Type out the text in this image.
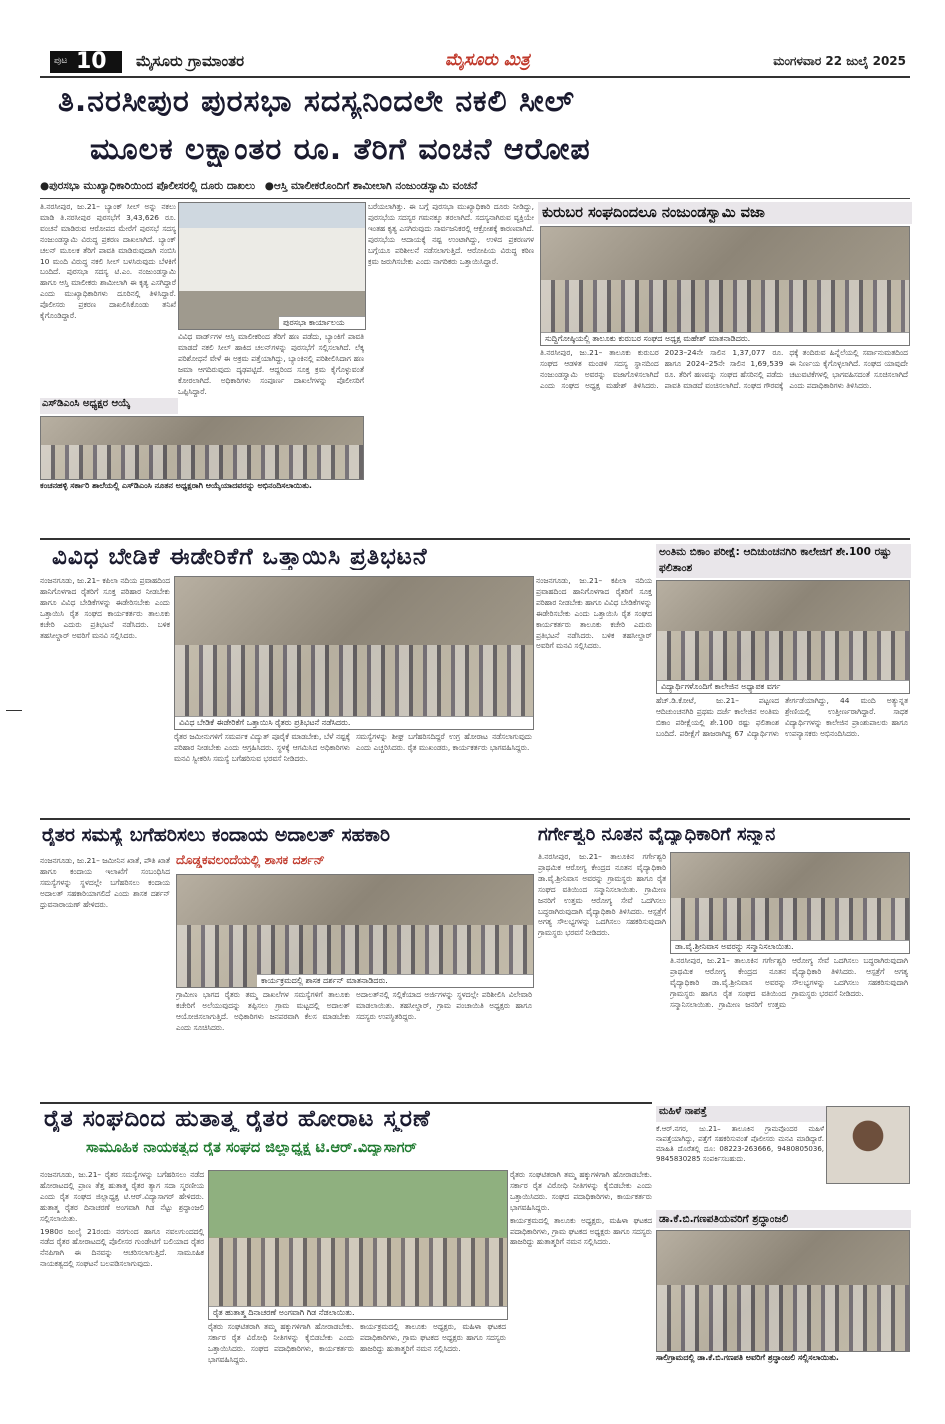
ಪುಟ 10 ಮೈಸೂರು ಗ್ರಾಮಾಂತರ	ಮೈಸೂರು ಮಿತ್ರ	ಮಂಗಳವಾರ 22 ಜುಲೈ 2025
ತಿ.ನರಸೀಪುರ ಪುರಸಭಾ ಸದಸ್ಯನಿಂದಲೇ ನಕಲಿ ಸೀಲ್
ಮೂಲಕ ಲಕ್ಷಾಂತರ ರೂ. ತೆರಿಗೆ ವಂಚನೆ ಆರೋಪ
●ಪುರಸಭಾ ಮುಖ್ಯಾಧಿಕಾರಿಯಿಂದ ಪೊಲೀಸರಲ್ಲಿ ದೂರು ದಾಖಲು ●ಆಸ್ತಿ ಮಾಲೀಕರೊಂದಿಗೆ ಶಾಮೀಲಾಗಿ ನಂಜುಂಡಸ್ವಾಮಿ ವಂಚನೆ

ತಿ.ನರಸೀಪುರ, ಜು.21– ಬ್ಯಾಂಕ್ ಸೀಲ್ ಅನ್ನು ನಕಲು ಮಾಡಿ ತಿ.ನರಸೀಪುರ ಪುರಸಭೆಗೆ 3,43,626 ರೂ. ವಂಚನೆ ಮಾಡಿರುವ ಆರೋಪದ ಮೇರೆಗೆ ಪುರಸಭೆ ಸದಸ್ಯ ನಂಜುಂಡಸ್ವಾಮಿ ವಿರುದ್ಧ ಪ್ರಕರಣ ದಾಖಲಾಗಿದೆ. ಬ್ಯಾಂಕ್ ಚಲನ್ ಮೂಲಕ ತೆರಿಗೆ ಪಾವತಿ ಮಾಡಿರುವುದಾಗಿ ನಂಬಿಸಿ 10 ಮಂದಿ ವಿರುದ್ಧ ನಕಲಿ ಸೀಲ್ ಬಳಸಿರುವುದು ಬೆಳಕಿಗೆ ಬಂದಿದೆ. ಪುರಸಭಾ ಸದಸ್ಯ ಟಿ.ಎಂ. ನಂಜುಂಡಸ್ವಾಮಿ ಹಾಗೂ ಆಸ್ತಿ ಮಾಲೀಕರು ಶಾಮೀಲಾಗಿ ಈ ಕೃತ್ಯ ಎಸಗಿದ್ದಾರೆ ಎಂದು ಮುಖ್ಯಾಧಿಕಾರಿಗಳು ದೂರಿನಲ್ಲಿ ತಿಳಿಸಿದ್ದಾರೆ. ಪೊಲೀಸರು ಪ್ರಕರಣ ದಾಖಲಿಸಿಕೊಂಡು ತನಿಖೆ ಕೈಗೊಂಡಿದ್ದಾರೆ.

ಪುರಸಭಾ ಕಾರ್ಯಾಲಯ

ವಿವಿಧ ವಾರ್ಡ್‌ಗಳ ಆಸ್ತಿ ಮಾಲೀಕರಿಂದ ತೆರಿಗೆ ಹಣ ಪಡೆದು, ಬ್ಯಾಂಕಿಗೆ ಪಾವತಿ ಮಾಡದೆ ನಕಲಿ ಸೀಲ್ ಹಾಕಿದ ಚಲನ್‌ಗಳನ್ನು ಪುರಸಭೆಗೆ ಸಲ್ಲಿಸಲಾಗಿದೆ. ಲೆಕ್ಕ ಪರಿಶೋಧನೆ ವೇಳೆ ಈ ಅಕ್ರಮ ಪತ್ತೆಯಾಗಿದ್ದು, ಬ್ಯಾಂಕಿನಲ್ಲಿ ಪರಿಶೀಲಿಸಿದಾಗ ಹಣ ಜಮಾ ಆಗದಿರುವುದು ದೃಢಪಟ್ಟಿದೆ. ಆದ್ದರಿಂದ ಸೂಕ್ತ ಕ್ರಮ ಕೈಗೊಳ್ಳುವಂತೆ ಕೋರಲಾಗಿದೆ. ಅಧಿಕಾರಿಗಳು ಸಂಪೂರ್ಣ ದಾಖಲೆಗಳನ್ನು ಪೊಲೀಸರಿಗೆ ಒಪ್ಪಿಸಿದ್ದಾರೆ.

ಬರೆಯಲಾಗಿತ್ತು. ಈ ಬಗ್ಗೆ ಪುರಸಭಾ ಮುಖ್ಯಾಧಿಕಾರಿ ದೂರು ನೀಡಿದ್ದು, ಪುರಸಭೆಯ ಸದಸ್ಯರ ಗಮನಕ್ಕೂ ತರಲಾಗಿದೆ. ಸದಸ್ಯನಾಗಿರುವ ವ್ಯಕ್ತಿಯೇ ಇಂತಹ ಕೃತ್ಯ ಎಸಗಿರುವುದು ಸಾರ್ವಜನಿಕರಲ್ಲಿ ಆಕ್ರೋಶಕ್ಕೆ ಕಾರಣವಾಗಿದೆ. ಪುರಸಭೆಯ ಆದಾಯಕ್ಕೆ ನಷ್ಟ ಉಂಟಾಗಿದ್ದು, ಉಳಿದ ಪ್ರಕರಣಗಳ ಬಗ್ಗೆಯೂ ಪರಿಶೀಲನೆ ನಡೆಸಲಾಗುತ್ತಿದೆ. ಆರೋಪಿಯ ವಿರುದ್ಧ ಕಠಿಣ ಕ್ರಮ ಜರುಗಿಸಬೇಕು ಎಂದು ನಾಗರಿಕರು ಒತ್ತಾಯಿಸಿದ್ದಾರೆ.

ಎಸ್‌ಡಿಎಂಸಿ ಅಧ್ಯಕ್ಷರ ಆಯ್ಕೆ
ಕಂಚನಹಳ್ಳಿ ಸರ್ಕಾರಿ ಶಾಲೆಯಲ್ಲಿ ಎಸ್‌ಡಿಎಂಸಿ ನೂತನ ಅಧ್ಯಕ್ಷರಾಗಿ ಆಯ್ಕೆಯಾದವರನ್ನು ಅಭಿನಂದಿಸಲಾಯಿತು.
ಕುರುಬರ ಸಂಘದಿಂದಲೂ ನಂಜುಂಡಸ್ವಾಮಿ ವಜಾ
ಸುದ್ದಿಗೋಷ್ಠಿಯಲ್ಲಿ ತಾಲೂಕು ಕುರುಬರ ಸಂಘದ ಅಧ್ಯಕ್ಷ ಮಹೇಶ್ ಮಾತನಾಡಿದರು.

ತಿ.ನರಸೀಪುರ, ಜು.21– ತಾಲೂಕು ಕುರುಬರ ಸಂಘದ ಆಡಳಿತ ಮಂಡಳಿ ಸದಸ್ಯ ಸ್ಥಾನದಿಂದ ನಂಜುಂಡಸ್ವಾಮಿ ಅವರನ್ನು ವಜಾಗೊಳಿಸಲಾಗಿದೆ ಎಂದು ಸಂಘದ ಅಧ್ಯಕ್ಷ ಮಹೇಶ್ ತಿಳಿಸಿದರು. 2023–24ನೇ ಸಾಲಿನ 1,37,077 ರೂ. ಹಾಗೂ 2024–25ನೇ ಸಾಲಿನ 1,69,539 ರೂ. ತೆರಿಗೆ ಹಣವನ್ನು ಸಂಘದ ಹೆಸರಿನಲ್ಲಿ ಪಡೆದು ಪಾವತಿ ಮಾಡದೆ ವಂಚಿಸಲಾಗಿದೆ. ಸಂಘದ ಗೌರವಕ್ಕೆ ಧಕ್ಕೆ ತಂದಿರುವ ಹಿನ್ನೆಲೆಯಲ್ಲಿ ಸರ್ವಾನುಮತದಿಂದ ಈ ನಿರ್ಣಯ ಕೈಗೊಳ್ಳಲಾಗಿದೆ. ಸಂಘದ ಯಾವುದೇ ಚಟುವಟಿಕೆಗಳಲ್ಲಿ ಭಾಗವಹಿಸದಂತೆ ಸೂಚಿಸಲಾಗಿದೆ ಎಂದು ಪದಾಧಿಕಾರಿಗಳು ತಿಳಿಸಿದರು.

ವಿವಿಧ ಬೇಡಿಕೆ ಈಡೇರಿಕೆಗೆ ಒತ್ತಾಯಿಸಿ ಪ್ರತಿಭಟನೆ

ನಂಜನಗೂಡು, ಜು.21– ಕಪಿಲಾ ನದಿಯ ಪ್ರವಾಹದಿಂದ ಹಾನಿಗೊಳಗಾದ ರೈತರಿಗೆ ಸೂಕ್ತ ಪರಿಹಾರ ನೀಡಬೇಕು ಹಾಗೂ ವಿವಿಧ ಬೇಡಿಕೆಗಳನ್ನು ಈಡೇರಿಸಬೇಕು ಎಂದು ಒತ್ತಾಯಿಸಿ ರೈತ ಸಂಘದ ಕಾರ್ಯಕರ್ತರು ತಾಲೂಕು ಕಚೇರಿ ಎದುರು ಪ್ರತಿಭಟನೆ ನಡೆಸಿದರು. ಬಳಿಕ ತಹಸೀಲ್ದಾರ್ ಅವರಿಗೆ ಮನವಿ ಸಲ್ಲಿಸಿದರು.

ವಿವಿಧ ಬೇಡಿಕೆ ಈಡೇರಿಕೆಗೆ ಒತ್ತಾಯಿಸಿ ರೈತರು ಪ್ರತಿಭಟನೆ ನಡೆಸಿದರು.

ರೈತರ ಜಮೀನುಗಳಿಗೆ ಸಮರ್ಪಕ ವಿದ್ಯುತ್ ಪೂರೈಕೆ ಮಾಡಬೇಕು, ಬೆಳೆ ನಷ್ಟಕ್ಕೆ ಪರಿಹಾರ ನೀಡಬೇಕು ಎಂದು ಆಗ್ರಹಿಸಿದರು. ಸ್ಥಳಕ್ಕೆ ಆಗಮಿಸಿದ ಅಧಿಕಾರಿಗಳು ಮನವಿ ಸ್ವೀಕರಿಸಿ ಸಮಸ್ಯೆ ಬಗೆಹರಿಸುವ ಭರವಸೆ ನೀಡಿದರು.

ಸಮಸ್ಯೆಗಳನ್ನು ಶೀಘ್ರ ಬಗೆಹರಿಸದಿದ್ದರೆ ಉಗ್ರ ಹೋರಾಟ ನಡೆಸಲಾಗುವುದು ಎಂದು ಎಚ್ಚರಿಸಿದರು. ರೈತ ಮುಖಂಡರು, ಕಾರ್ಯಕರ್ತರು ಭಾಗವಹಿಸಿದ್ದರು.

ನಂಜನಗೂಡು, ಜು.21– ಕಪಿಲಾ ನದಿಯ ಪ್ರವಾಹದಿಂದ ಹಾನಿಗೊಳಗಾದ ರೈತರಿಗೆ ಸೂಕ್ತ ಪರಿಹಾರ ನೀಡಬೇಕು ಹಾಗೂ ವಿವಿಧ ಬೇಡಿಕೆಗಳನ್ನು ಈಡೇರಿಸಬೇಕು ಎಂದು ಒತ್ತಾಯಿಸಿ ರೈತ ಸಂಘದ ಕಾರ್ಯಕರ್ತರು ತಾಲೂಕು ಕಚೇರಿ ಎದುರು ಪ್ರತಿಭಟನೆ ನಡೆಸಿದರು. ಬಳಿಕ ತಹಸೀಲ್ದಾರ್ ಅವರಿಗೆ ಮನವಿ ಸಲ್ಲಿಸಿದರು.

ಅಂತಿಮ ಬಿಕಾಂ ಪರೀಕ್ಷೆ: ಆದಿಚುಂಚನಗಿರಿ ಕಾಲೇಜಿಗೆ ಶೇ.100 ರಷ್ಟು ಫಲಿತಾಂಶ
ವಿದ್ಯಾರ್ಥಿಗಳೊಂದಿಗೆ ಕಾಲೇಜಿನ ಅಧ್ಯಾಪಕ ವರ್ಗ

ಹೆಚ್.ಡಿ.ಕೋಟೆ, ಜು.21– ಪಟ್ಟಣದ ಆದಿಚುಂಚನಗಿರಿ ಪ್ರಥಮ ದರ್ಜೆ ಕಾಲೇಜಿನ ಅಂತಿಮ ಬಿಕಾಂ ಪರೀಕ್ಷೆಯಲ್ಲಿ ಶೇ.100 ರಷ್ಟು ಫಲಿತಾಂಶ ಬಂದಿದೆ. ಪರೀಕ್ಷೆಗೆ ಹಾಜರಾಗಿದ್ದ 67 ವಿದ್ಯಾರ್ಥಿಗಳು ತೇರ್ಗಡೆಯಾಗಿದ್ದು, 44 ಮಂದಿ ಅತ್ಯುನ್ನತ ಶ್ರೇಣಿಯಲ್ಲಿ ಉತ್ತೀರ್ಣರಾಗಿದ್ದಾರೆ. ಸಾಧಕ ವಿದ್ಯಾರ್ಥಿಗಳನ್ನು ಕಾಲೇಜಿನ ಪ್ರಾಂಶುಪಾಲರು ಹಾಗೂ ಉಪನ್ಯಾಸಕರು ಅಭಿನಂದಿಸಿದರು.

ರೈತರ ಸಮಸ್ಯೆ ಬಗೆಹರಿಸಲು ಕಂದಾಯ ಅದಾಲತ್ ಸಹಕಾರಿ
ದೊಡ್ಡಕವಲಂದೆಯಲ್ಲಿ ಶಾಸಕ ದರ್ಶನ್

ನಂಜನಗೂಡು, ಜು.21– ಜಮೀನಿನ ಖಾತೆ, ಪೌತಿ ಖಾತೆ ಹಾಗೂ ಕಂದಾಯ ಇಲಾಖೆಗೆ ಸಂಬಂಧಿಸಿದ ಸಮಸ್ಯೆಗಳನ್ನು ಸ್ಥಳದಲ್ಲೇ ಬಗೆಹರಿಸಲು ಕಂದಾಯ ಅದಾಲತ್ ಸಹಕಾರಿಯಾಗಲಿದೆ ಎಂದು ಶಾಸಕ ದರ್ಶನ್ ಧ್ರುವನಾರಾಯಣ್ ಹೇಳಿದರು.

ಕಾರ್ಯಕ್ರಮದಲ್ಲಿ ಶಾಸಕ ದರ್ಶನ್ ಮಾತನಾಡಿದರು.

ಗ್ರಾಮೀಣ ಭಾಗದ ರೈತರು ತಮ್ಮ ದಾಖಲೆಗಳ ಸಮಸ್ಯೆಗಳಿಗೆ ತಾಲೂಕು ಕಚೇರಿಗೆ ಅಲೆಯುವುದನ್ನು ತಪ್ಪಿಸಲು ಗ್ರಾಮ ಮಟ್ಟದಲ್ಲಿ ಅದಾಲತ್ ಆಯೋಜಿಸಲಾಗುತ್ತಿದೆ. ಅಧಿಕಾರಿಗಳು ಜನಪರವಾಗಿ ಕೆಲಸ ಮಾಡಬೇಕು ಎಂದು ಸೂಚಿಸಿದರು.

ಅದಾಲತ್‌ನಲ್ಲಿ ಸಲ್ಲಿಕೆಯಾದ ಅರ್ಜಿಗಳನ್ನು ಸ್ಥಳದಲ್ಲೇ ಪರಿಶೀಲಿಸಿ ವಿಲೇವಾರಿ ಮಾಡಲಾಯಿತು. ತಹಸೀಲ್ದಾರ್, ಗ್ರಾಮ ಪಂಚಾಯಿತಿ ಅಧ್ಯಕ್ಷರು ಹಾಗೂ ಸದಸ್ಯರು ಉಪಸ್ಥಿತರಿದ್ದರು.

ಗರ್ಗೇಶ್ವರಿ ನೂತನ ವೈದ್ಯಾಧಿಕಾರಿಗೆ ಸನ್ಮಾನ

ತಿ.ನರಸೀಪುರ, ಜು.21– ತಾಲೂಕಿನ ಗರ್ಗೇಶ್ವರಿ ಪ್ರಾಥಮಿಕ ಆರೋಗ್ಯ ಕೇಂದ್ರದ ನೂತನ ವೈದ್ಯಾಧಿಕಾರಿ ಡಾ.ವೈ.ಶ್ರೀನಿವಾಸ ಅವರನ್ನು ಗ್ರಾಮಸ್ಥರು ಹಾಗೂ ರೈತ ಸಂಘದ ವತಿಯಿಂದ ಸನ್ಮಾನಿಸಲಾಯಿತು. ಗ್ರಾಮೀಣ ಜನರಿಗೆ ಉತ್ತಮ ಆರೋಗ್ಯ ಸೇವೆ ಒದಗಿಸಲು ಬದ್ಧರಾಗಿರುವುದಾಗಿ ವೈದ್ಯಾಧಿಕಾರಿ ತಿಳಿಸಿದರು. ಆಸ್ಪತ್ರೆಗೆ ಅಗತ್ಯ ಸೌಲಭ್ಯಗಳನ್ನು ಒದಗಿಸಲು ಸಹಕರಿಸುವುದಾಗಿ ಗ್ರಾಮಸ್ಥರು ಭರವಸೆ ನೀಡಿದರು.

ಡಾ.ವೈ.ಶ್ರೀನಿವಾಸ ಅವರನ್ನು ಸನ್ಮಾನಿಸಲಾಯಿತು.

ತಿ.ನರಸೀಪುರ, ಜು.21– ತಾಲೂಕಿನ ಗರ್ಗೇಶ್ವರಿ ಪ್ರಾಥಮಿಕ ಆರೋಗ್ಯ ಕೇಂದ್ರದ ನೂತನ ವೈದ್ಯಾಧಿಕಾರಿ ಡಾ.ವೈ.ಶ್ರೀನಿವಾಸ ಅವರನ್ನು ಗ್ರಾಮಸ್ಥರು ಹಾಗೂ ರೈತ ಸಂಘದ ವತಿಯಿಂದ ಸನ್ಮಾನಿಸಲಾಯಿತು. ಗ್ರಾಮೀಣ ಜನರಿಗೆ ಉತ್ತಮ ಆರೋಗ್ಯ ಸೇವೆ ಒದಗಿಸಲು ಬದ್ಧರಾಗಿರುವುದಾಗಿ ವೈದ್ಯಾಧಿಕಾರಿ ತಿಳಿಸಿದರು. ಆಸ್ಪತ್ರೆಗೆ ಅಗತ್ಯ ಸೌಲಭ್ಯಗಳನ್ನು ಒದಗಿಸಲು ಸಹಕರಿಸುವುದಾಗಿ ಗ್ರಾಮಸ್ಥರು ಭರವಸೆ ನೀಡಿದರು.

ರೈತ ಸಂಘದಿಂದ ಹುತಾತ್ಮ ರೈತರ ಹೋರಾಟ ಸ್ಮರಣೆ
ಸಾಮೂಹಿಕ ನಾಯಕತ್ವದ ರೈತ ಸಂಘದ ಜಿಲ್ಲಾಧ್ಯಕ್ಷ ಟಿ.ಆರ್.ವಿದ್ಯಾಸಾಗರ್

ನಂಜನಗೂಡು, ಜು.21– ರೈತರ ಸಮಸ್ಯೆಗಳನ್ನು ಬಗೆಹರಿಸಲು ನಡೆದ ಹೋರಾಟದಲ್ಲಿ ಪ್ರಾಣ ತೆತ್ತ ಹುತಾತ್ಮ ರೈತರ ತ್ಯಾಗ ಸದಾ ಸ್ಮರಣೀಯ ಎಂದು ರೈತ ಸಂಘದ ಜಿಲ್ಲಾಧ್ಯಕ್ಷ ಟಿ.ಆರ್.ವಿದ್ಯಾಸಾಗರ್ ಹೇಳಿದರು. ಹುತಾತ್ಮ ರೈತರ ದಿನಾಚರಣೆ ಅಂಗವಾಗಿ ಗಿಡ ನೆಟ್ಟು ಶ್ರದ್ಧಾಂಜಲಿ ಸಲ್ಲಿಸಲಾಯಿತು.

1980ರ ಜುಲೈ 21ರಂದು ನರಗುಂದ ಹಾಗೂ ನವಲಗುಂದದಲ್ಲಿ ನಡೆದ ರೈತರ ಹೋರಾಟದಲ್ಲಿ ಪೊಲೀಸರ ಗುಂಡೇಟಿಗೆ ಬಲಿಯಾದ ರೈತರ ನೆನಪಿಗಾಗಿ ಈ ದಿನವನ್ನು ಆಚರಿಸಲಾಗುತ್ತಿದೆ. ಸಾಮೂಹಿಕ ನಾಯಕತ್ವದಲ್ಲಿ ಸಂಘಟನೆ ಬಲಪಡಿಸಲಾಗುವುದು.

ರೈತ ಹುತಾತ್ಮ ದಿನಾಚರಣೆ ಅಂಗವಾಗಿ ಗಿಡ ನೆಡಲಾಯಿತು.

ರೈತರು ಸಂಘಟಿತರಾಗಿ ತಮ್ಮ ಹಕ್ಕುಗಳಿಗಾಗಿ ಹೋರಾಡಬೇಕು. ಸರ್ಕಾರ ರೈತ ವಿರೋಧಿ ನೀತಿಗಳನ್ನು ಕೈಬಿಡಬೇಕು ಎಂದು ಒತ್ತಾಯಿಸಿದರು. ಸಂಘದ ಪದಾಧಿಕಾರಿಗಳು, ಕಾರ್ಯಕರ್ತರು ಭಾಗವಹಿಸಿದ್ದರು.

ಕಾರ್ಯಕ್ರಮದಲ್ಲಿ ತಾಲೂಕು ಅಧ್ಯಕ್ಷರು, ಮಹಿಳಾ ಘಟಕದ ಪದಾಧಿಕಾರಿಗಳು, ಗ್ರಾಮ ಘಟಕದ ಅಧ್ಯಕ್ಷರು ಹಾಗೂ ಸದಸ್ಯರು ಹಾಜರಿದ್ದು ಹುತಾತ್ಮರಿಗೆ ನಮನ ಸಲ್ಲಿಸಿದರು.

ರೈತರು ಸಂಘಟಿತರಾಗಿ ತಮ್ಮ ಹಕ್ಕುಗಳಿಗಾಗಿ ಹೋರಾಡಬೇಕು. ಸರ್ಕಾರ ರೈತ ವಿರೋಧಿ ನೀತಿಗಳನ್ನು ಕೈಬಿಡಬೇಕು ಎಂದು ಒತ್ತಾಯಿಸಿದರು. ಸಂಘದ ಪದಾಧಿಕಾರಿಗಳು, ಕಾರ್ಯಕರ್ತರು ಭಾಗವಹಿಸಿದ್ದರು.

ಕಾರ್ಯಕ್ರಮದಲ್ಲಿ ತಾಲೂಕು ಅಧ್ಯಕ್ಷರು, ಮಹಿಳಾ ಘಟಕದ ಪದಾಧಿಕಾರಿಗಳು, ಗ್ರಾಮ ಘಟಕದ ಅಧ್ಯಕ್ಷರು ಹಾಗೂ ಸದಸ್ಯರು ಹಾಜರಿದ್ದು ಹುತಾತ್ಮರಿಗೆ ನಮನ ಸಲ್ಲಿಸಿದರು.

ಮಹಿಳೆ ನಾಪತ್ತೆ

ಕೆ.ಆರ್.ನಗರ, ಜು.21– ತಾಲೂಕಿನ ಗ್ರಾಮವೊಂದರ ಮಹಿಳೆ ನಾಪತ್ತೆಯಾಗಿದ್ದು, ಪತ್ತೆಗೆ ಸಹಕರಿಸುವಂತೆ ಪೊಲೀಸರು ಮನವಿ ಮಾಡಿದ್ದಾರೆ. ಮಾಹಿತಿ ದೊರೆತಲ್ಲಿ ದೂ: 08223-263666, 9480805036, 9845830285 ಸಂಪರ್ಕಿಸಬಹುದು.

ಡಾ.ಕೆ.ಬಿ.ಗಣಪತಿಯವರಿಗೆ ಶ್ರದ್ಧಾಂಜಲಿ
ಸಾಲಿಗ್ರಾಮದಲ್ಲಿ ಡಾ.ಕೆ.ಬಿ.ಗಣಪತಿ ಅವರಿಗೆ ಶ್ರದ್ಧಾಂಜಲಿ ಸಲ್ಲಿಸಲಾಯಿತು.
